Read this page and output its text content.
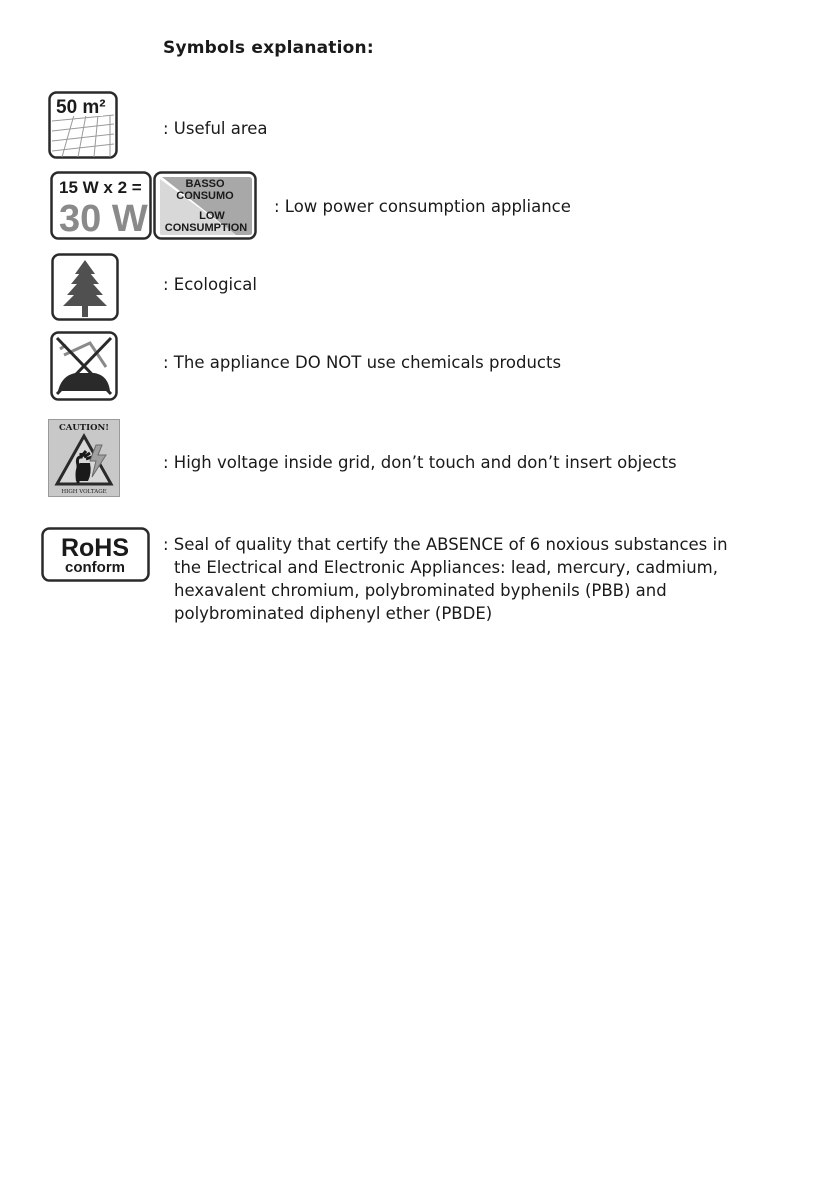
Symbols explanation:
50 m²
: Useful area
15 W x 2 =
30 W
BASSO
CONSUMO
LOW
CONSUMPTION
: Low power consumption appliance
: Ecological
: The appliance DO NOT use chemicals products
CAUTION!
HIGH VOLTAGE
: High voltage inside grid, don’t touch and don’t insert objects
RoHS
conform
: Seal of quality that certify the ABSENCE of 6 noxious substances in
the Electrical and Electronic Appliances: lead, mercury, cadmium,
hexavalent chromium, polybrominated byphenils (PBB) and
polybrominated diphenyl ether (PBDE)
